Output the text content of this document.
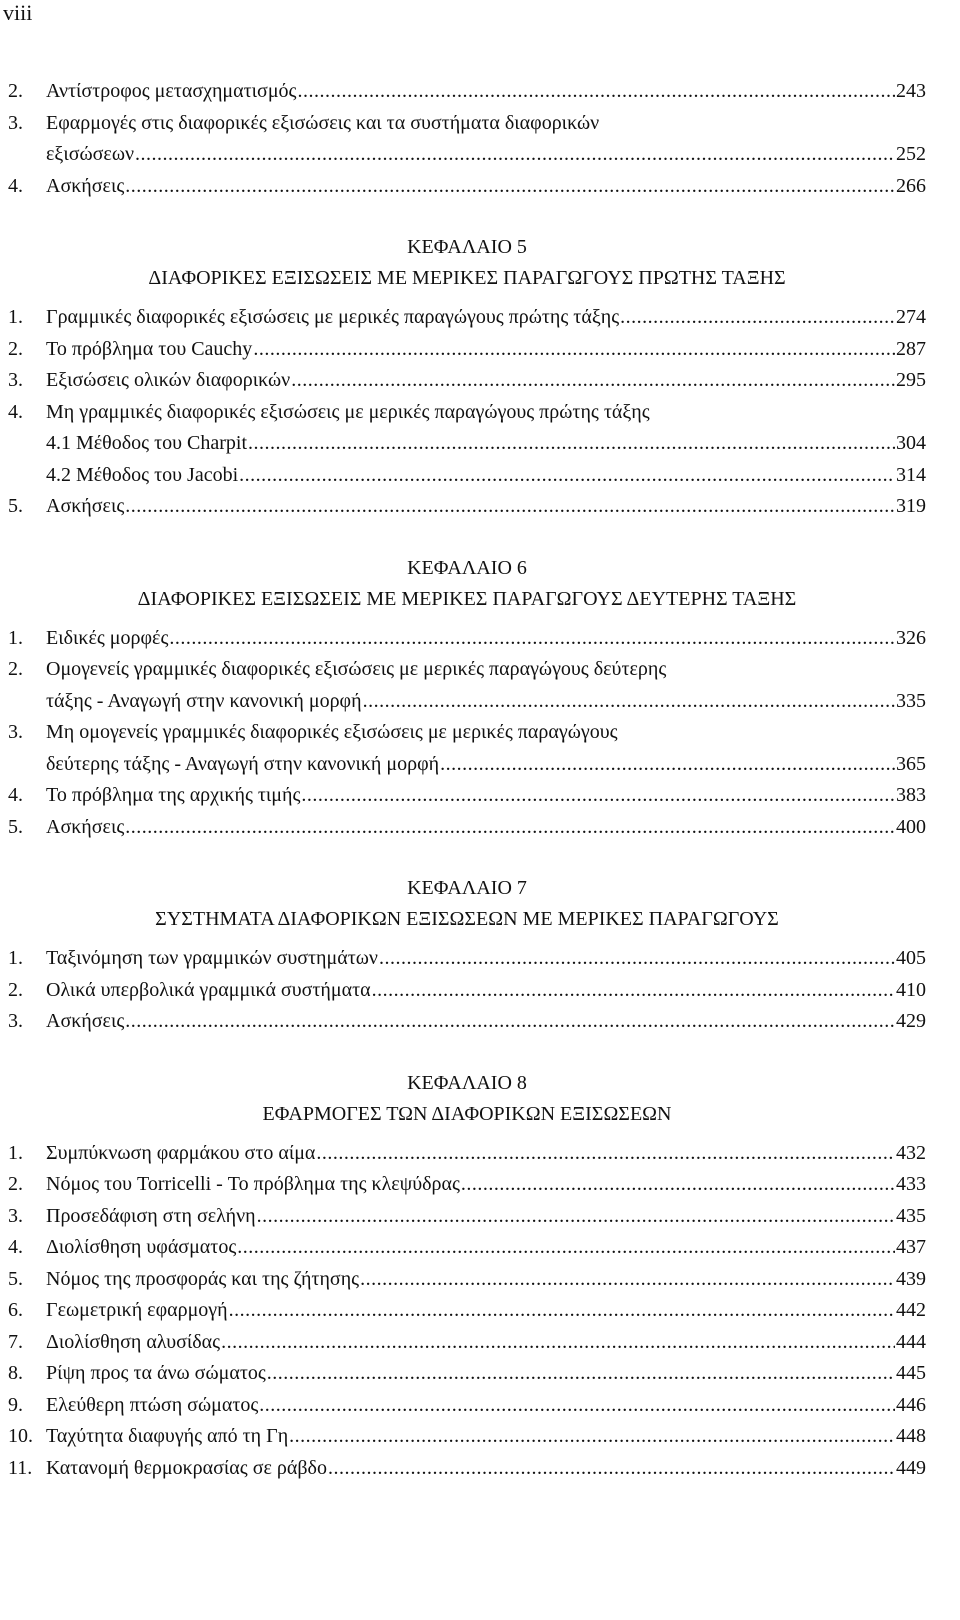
viii
2.	Αντίστροφος μετασχηματισμός .....	243
3.	Εφαρμογές στις διαφορικές εξισώσεις και τα συστήματα διαφορικών
εξισώσεων .....	252
4.	Ασκήσεις .....	266
ΚΕΦΑΛΑΙΟ 5
ΔΙΑΦΟΡΙΚΕΣ ΕΞΙΣΩΣΕΙΣ ΜΕ ΜΕΡΙΚΕΣ ΠΑΡΑΓΩΓΟΥΣ ΠΡΩΤΗΣ ΤΑΞΗΣ
1.	Γραμμικές διαφορικές εξισώσεις με μερικές παραγώγους πρώτης τάξης .....	274
2.	Το πρόβλημα του Cauchy .....	287
3.	Εξισώσεις ολικών διαφορικών .....	295
4.	Μη γραμμικές διαφορικές εξισώσεις με μερικές παραγώγους πρώτης τάξης
4.1 Μέθοδος του Charpit .....	304
4.2 Μέθοδος του Jacobi .....	314
5.	Ασκήσεις .....	319
ΚΕΦΑΛΑΙΟ 6
ΔΙΑΦΟΡΙΚΕΣ ΕΞΙΣΩΣΕΙΣ ΜΕ ΜΕΡΙΚΕΣ ΠΑΡΑΓΩΓΟΥΣ ΔΕΥΤΕΡΗΣ ΤΑΞΗΣ
1.	Ειδικές μορφές .....	326
2.	Ομογενείς γραμμικές διαφορικές εξισώσεις με μερικές παραγώγους δεύτερης
τάξης - Αναγωγή στην κανονική μορφή .....	335
3.	Μη ομογενείς γραμμικές διαφορικές εξισώσεις με μερικές παραγώγους
δεύτερης τάξης - Αναγωγή στην κανονική μορφή .....	365
4.	Το πρόβλημα της αρχικής τιμής .....	383
5.	Ασκήσεις .....	400
ΚΕΦΑΛΑΙΟ 7
ΣΥΣΤΗΜΑΤΑ ΔΙΑΦΟΡΙΚΩΝ ΕΞΙΣΩΣΕΩΝ ΜΕ ΜΕΡΙΚΕΣ ΠΑΡΑΓΩΓΟΥΣ
1.	Ταξινόμηση των γραμμικών συστημάτων .....	405
2.	Ολικά υπερβολικά γραμμικά συστήματα .....	410
3.	Ασκήσεις .....	429
ΚΕΦΑΛΑΙΟ 8
ΕΦΑΡΜΟΓΕΣ ΤΩΝ ΔΙΑΦΟΡΙΚΩΝ ΕΞΙΣΩΣΕΩΝ
1.	Συμπύκνωση φαρμάκου στο αίμα .....	432
2.	Νόμος του Torricelli - Το πρόβλημα της κλεψύδρας .....	433
3.	Προσεδάφιση στη σελήνη .....	435
4.	Διολίσθηση υφάσματος .....	437
5.	Νόμος της προσφοράς και της ζήτησης .....	439
6.	Γεωμετρική εφαρμογή .....	442
7.	Διολίσθηση αλυσίδας .....	444
8.	Ρίψη προς τα άνω σώματος .....	445
9.	Ελεύθερη πτώση σώματος .....	446
10. Ταχύτητα διαφυγής από τη Γη .....	448
11. Κατανομή θερμοκρασίας σε ράβδο .....	449
